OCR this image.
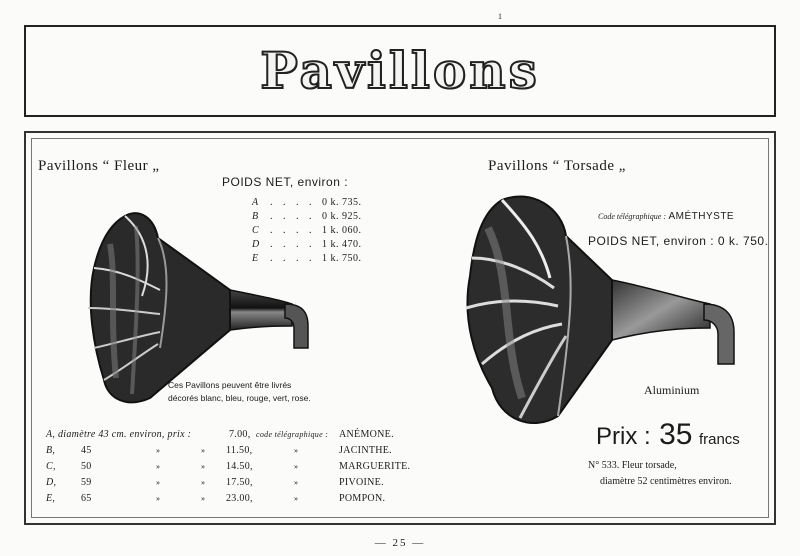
1
Pavillons
Pavillons “ Fleur „
POIDS NET, environ :
A . . . . 0 k. 735.
B . . . . 0 k. 925.
C . . . . 1 k. 060.
D . . . . 1 k. 470.
E . . . . 1 k. 750.
Ces Pavillons peuvent être livrés
décorés blanc, bleu, rouge, vert, rose.
A, diamètre 43 cm. environ, prix :	7.00, code télégraphique : ANÉMONE.
B,	45	»	» 11.50,	»	JACINTHE.
C,	50	»	» 14.50,	»	MARGUERITE.
D, 59	»	» 17.50,	»	PIVOINE.
E,	65	»	» 23.00,	»	POMPON.
Pavillons “ Torsade „
Code télégraphique : AMÉTHYSTE
POIDS NET, environ : 0 k. 750.
Aluminium
Prix : 35 francs
N° 533. Fleur torsade,
diamètre 52 centimètres environ.
— 25 —
